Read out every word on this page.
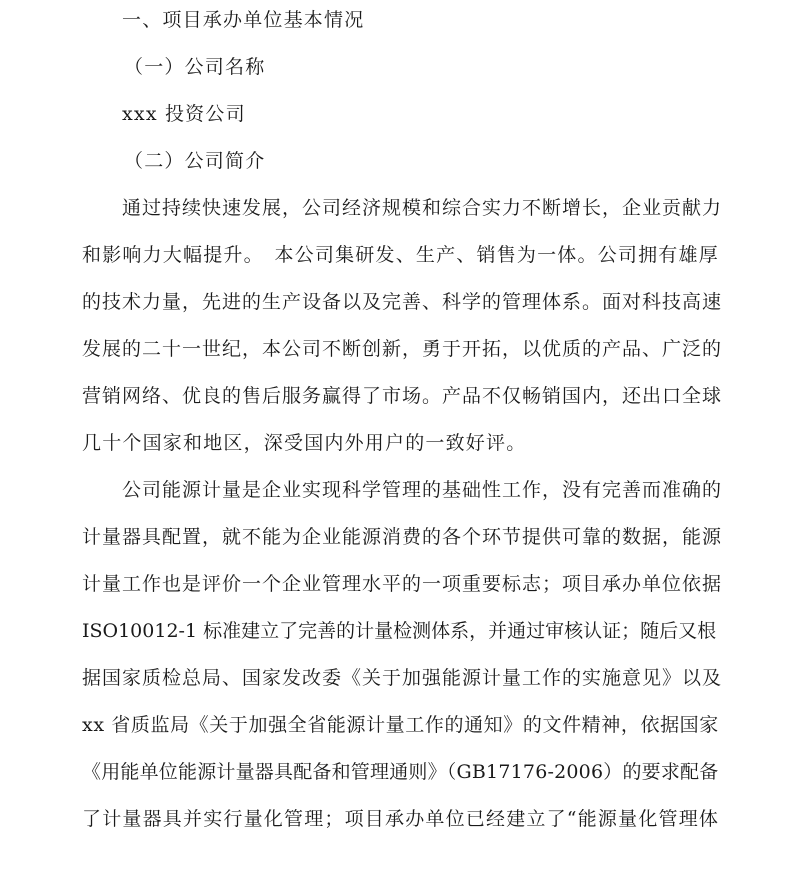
一、项目承办单位基本情况
（一）公司名称
xxx 投资公司
（二）公司简介
通过持续快速发展，公司经济规模和综合实力不断增长，企业贡献力
和影响力大幅提升。　本公司集研发、生产、销售为一体。公司拥有雄厚
的技术力量，先进的生产设备以及完善、科学的管理体系。面对科技高速
发展的二十一世纪，本公司不断创新，勇于开拓，以优质的产品、广泛的
营销网络、优良的售后服务赢得了市场。产品不仅畅销国内，还出口全球
几十个国家和地区，深受国内外用户的一致好评。
公司能源计量是企业实现科学管理的基础性工作，没有完善而准确的
计量器具配置，就不能为企业能源消费的各个环节提供可靠的数据，能源
计量工作也是评价一个企业管理水平的一项重要标志；项目承办单位依据
ISO10012-1 标准建立了完善的计量检测体系，并通过审核认证；随后又根
据国家质检总局、国家发改委《关于加强能源计量工作的实施意见》以及
xx 省质监局《关于加强全省能源计量工作的通知》的文件精神，依据国家
《用能单位能源计量器具配备和管理通则》（GB17176-2006）的要求配备
了计量器具并实行量化管理；项目承办单位已经建立了“能源量化管理体
